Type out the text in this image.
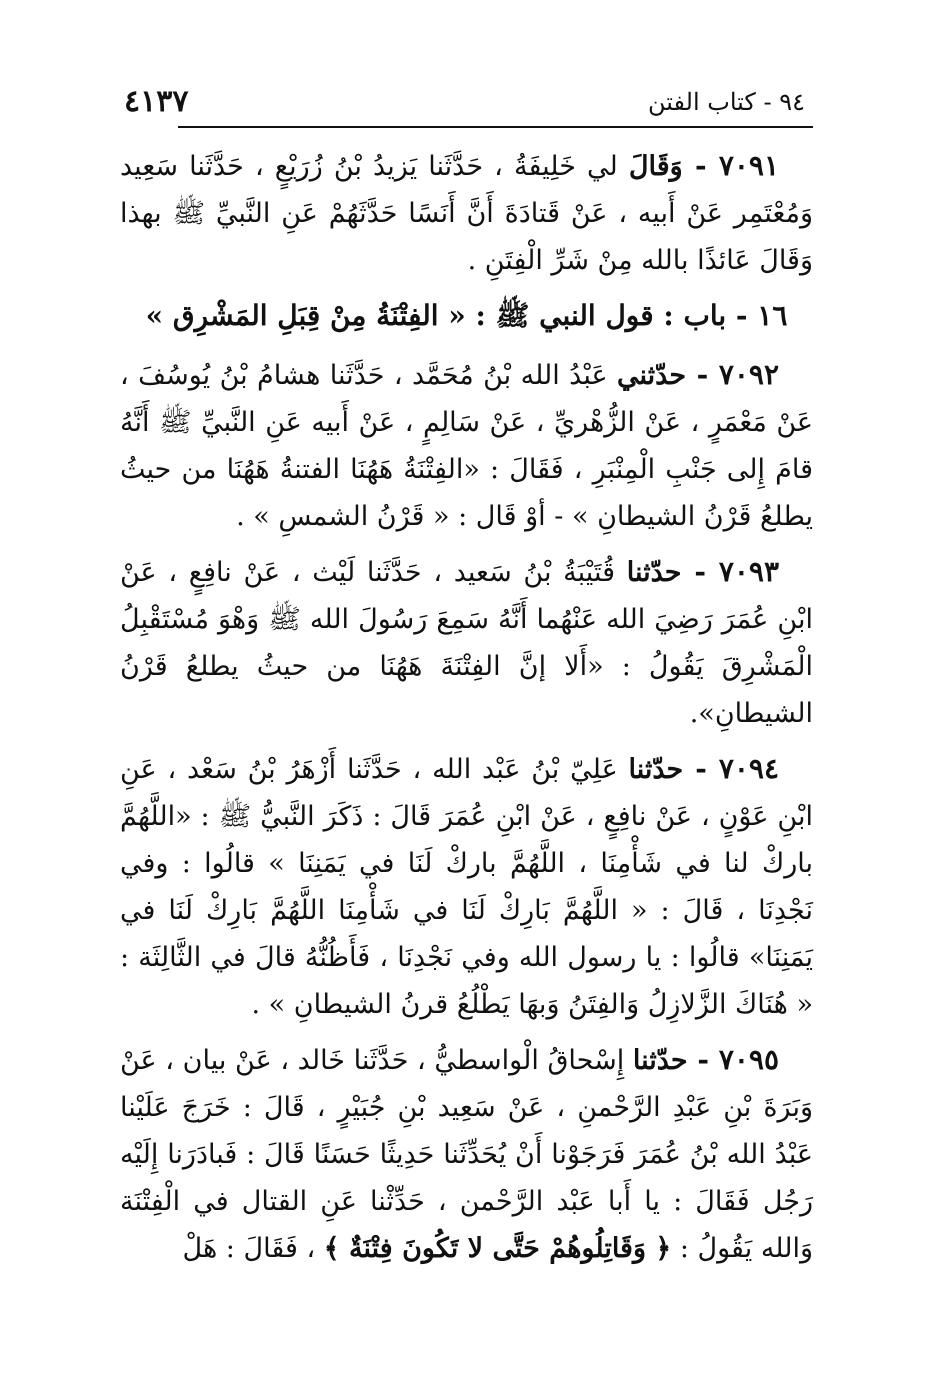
٤١٣٧	٩٤ - كتاب الفتن

٧٠٩١ - وَقَالَ لي خَلِيفَةُ ، حَدَّثَنا يَزيدُ بْنُ زُرَيْعٍ ، حَدَّثَنا سَعِيد وَمُعْتَمِر عَنْ أَبيه ، عَنْ قَتادَةَ أَنَّ أَنَسًا حَدَّثَهُمْ عَنِ النَّبيِّ ﷺ بهذا وَقَالَ عَائذًا بالله مِنْ شَرِّ الْفِتَنِ .

١٦ - باب : قول النبي ﷺ : « الفِتْنَةُ مِنْ قِبَلِ المَشْرِق »

٧٠٩٢ - حدّثني عَبْدُ الله بْنُ مُحَمَّد ، حَدَّثَنا هشامُ بْنُ يُوسُفَ ، عَنْ مَعْمَرٍ ، عَنْ الزُّهْريِّ ، عَنْ سَالِمٍ ، عَنْ أَبيه عَنِ النَّبيِّ ﷺ أَنَّهُ قامَ إِلى جَنْبِ الْمِنْبَرِ ، فَقَالَ : «الفِتْنَةُ هَهُنَا الفتنةُ هَهُنَا من حيثُ يطلعُ قَرْنُ الشيطانِ » - أوْ قَال : « قَرْنُ الشمسِ » .

٧٠٩٣ - حدّثنا قُتَيْبَةُ بْنُ سَعيد ، حَدَّثَنا لَيْث ، عَنْ نافِعٍ ، عَنْ ابْنِ عُمَرَ رَضِيَ الله عَنْهُما أَنَّهُ سَمِعَ رَسُولَ الله ﷺ وَهْوَ مُسْتَقْبِلُ الْمَشْرِقَ يَقُولُ : «أَلا إنَّ الفِتْنَةَ هَهُنَا من حيثُ يطلعُ قَرْنُ الشيطانِ».

٧٠٩٤ - حدّثنا عَلِيّ بْنُ عَبْد الله ، حَدَّثَنا أَزْهَرُ بْنُ سَعْد ، عَنِ ابْنِ عَوْنٍ ، عَنْ نافِعٍ ، عَنْ ابْنِ عُمَرَ قَالَ : ذَكَرَ النَّبيُّ ﷺ : «اللَّهُمَّ باركْ لنا في شَأْمِنَا ، اللَّهُمَّ باركْ لَنَا في يَمَنِنَا » قالُوا : وفي نَجْدِنَا ، قَالَ : « اللَّهُمَّ بَارِكْ لَنَا في شَأْمِنَا اللَّهُمَّ بَارِكْ لَنَا في يَمَنِنَا» قالُوا : يا رسول الله وفي نَجْدِنَا ، فَأَظُنُّهُ قالَ في الثَّالِثَة : « هُنَاكَ الزَّلازِلُ وَالفِتَنُ وَبهَا يَطْلُعُ قرنُ الشيطانِ » .

٧٠٩٥ - حدّثنا إِسْحاقُ الْواسطيُّ ، حَدَّثَنا خَالد ، عَنْ بيان ، عَنْ وَبَرَةَ بْنِ عَبْدِ الرَّحْمنِ ، عَنْ سَعِيد بْنِ جُبَيْرٍ ، قَالَ : خَرَجَ عَلَيْنا عَبْدُ الله بْنُ عُمَرَ فَرَجَوْنا أَنْ يُحَدِّثَنا حَدِيثًا حَسَنًا قَالَ : فَبادَرَنا إِلَيْه رَجُل فَقَالَ : يا أَبا عَبْد الرَّحْمن ، حَدِّثْنا عَنِ القتال في الْفِتْنَة وَالله يَقُولُ : ﴿ وَقَاتِلُوهُمْ حَتَّى لا تَكُونَ فِتْنَةٌ ﴾ ، فَقَالَ : هَلْ
